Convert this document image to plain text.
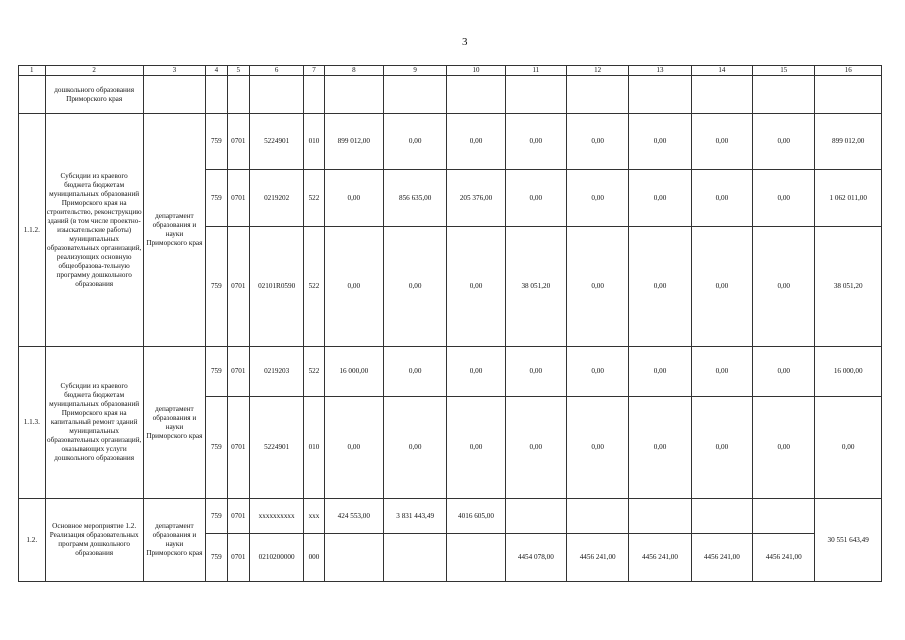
3
1	2	3	4	5	6	7	8	9	10	11	12	13	14	15	16
	дошкольного образования Приморского края														
1.1.2.	Субсидии из краевого бюджета бюджетам муниципальных образований Приморского края на строительство, реконструкцию зданий (в том числе проектно-изыскательские работы) муниципальных образовательных организаций, реализующих основную общеобразова-тельную программу дошкольного образования	департамент образования и науки Приморского края	759	0701	5224901	010	899 012,00	0,00	0,00	0,00	0,00	0,00	0,00	0,00	899 012,00
			759	0701	0219202	522	0,00	856 635,00	205 376,00	0,00	0,00	0,00	0,00	0,00	1 062 011,00
			759	0701	02101R0590	522	0,00	0,00	0,00	38 051,20	0,00	0,00	0,00	0,00	38 051,20
1.1.3.	Субсидии из краевого бюджета бюджетам муниципальных образований Приморского края на капитальный ремонт зданий муниципальных образовательных организаций, оказывающих услуги дошкольного образования	департамент образования и науки Приморского края	759	0701	0219203	522	16 000,00	0,00	0,00	0,00	0,00	0,00	0,00	0,00	16 000,00
			759	0701	5224901	010	0,00	0,00	0,00	0,00	0,00	0,00	0,00	0,00	0,00
1.2.	Основное мероприятие 1.2. Реализация образовательных программ дошкольного образования	департамент образования и науки Приморского края	759	0701	xxxxxxxxxx	xxx	424 553,00	3 831 443,49	4016 605,00						30 551 643,49
			759	0701	0210200000	000				4454 078,00	4456 241,00	4456 241,00	4456 241,00	4456 241,00	
